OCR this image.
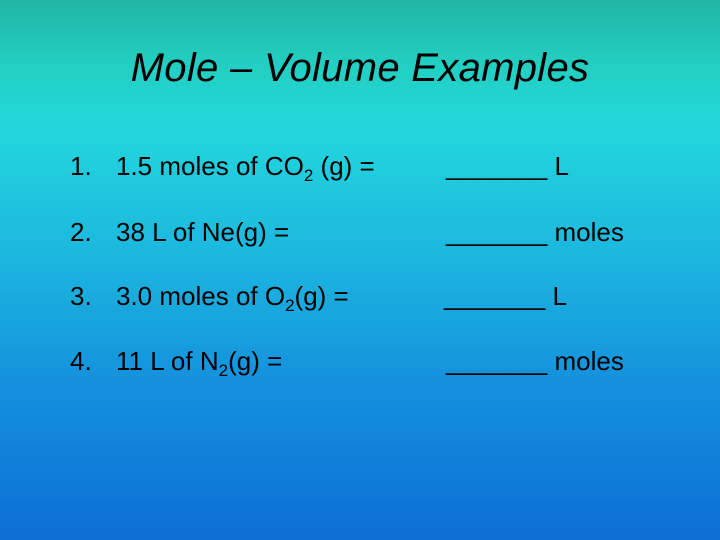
Mole – Volume Examples
1. 1.5 moles of $CO_2$ (g) =	_______ L
2. 38 L of Ne(g) =	_______ moles
3. 3.0 moles of $O_2(g)$ =	_______ L
4. 11 L of $N_2(g)$ =	_______ moles
